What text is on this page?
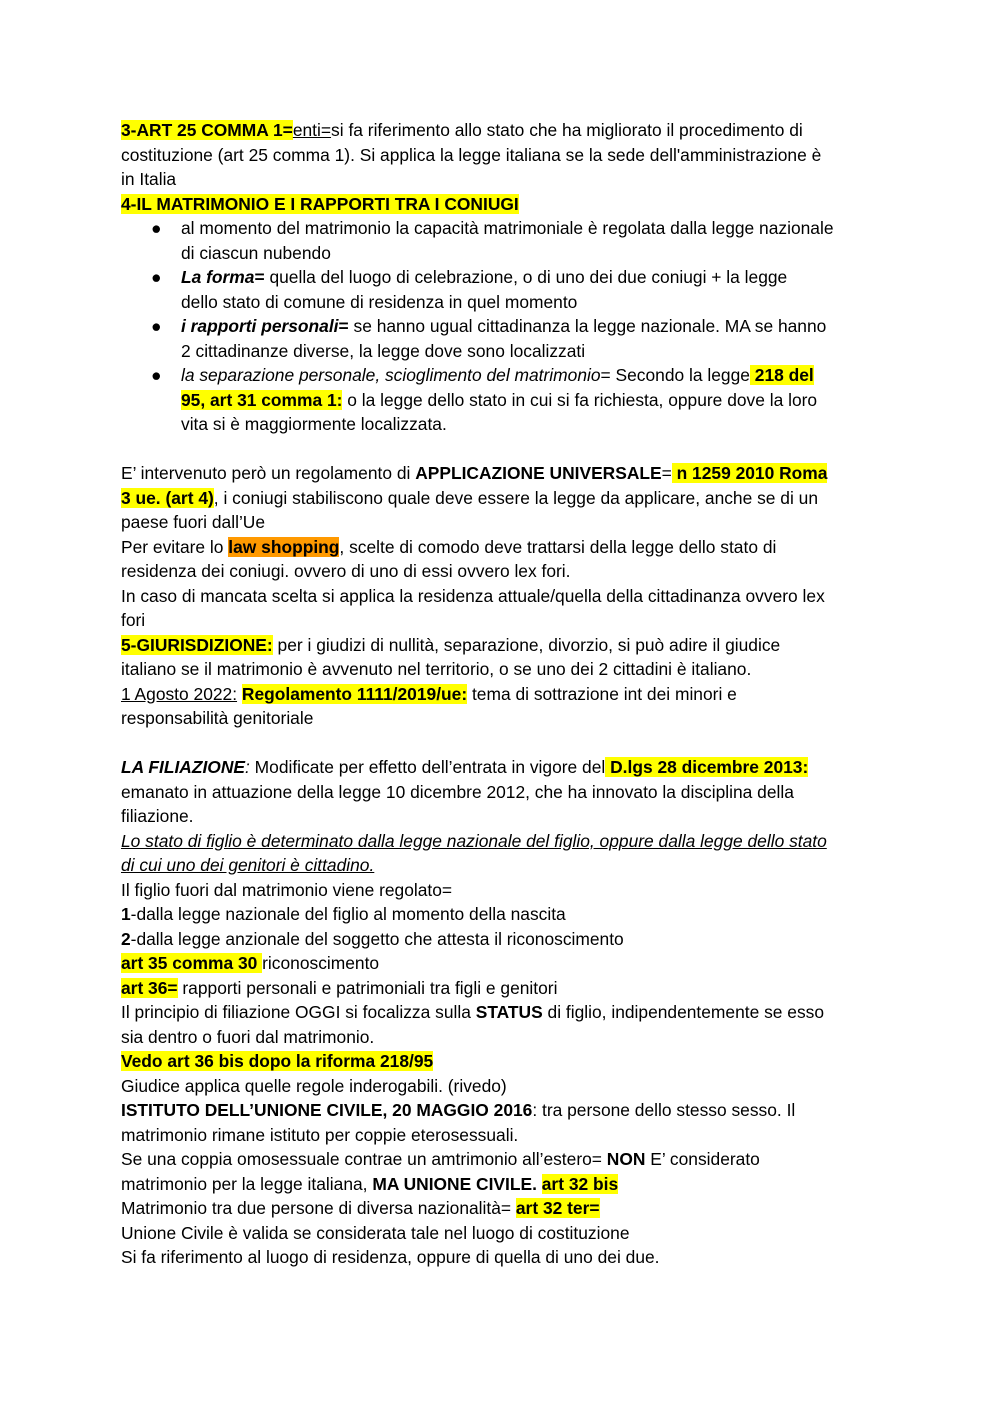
3-ART 25 COMMA 1=enti=si fa riferimento allo stato che ha migliorato il procedimento di
costituzione (art 25 comma 1). Si applica la legge italiana se la sede dell'amministrazione è
in Italia
4-IL MATRIMONIO E I RAPPORTI TRA I CONIUGI
● al momento del matrimonio la capacità matrimoniale è regolata dalla legge nazionale
di ciascun nubendo
● La forma= quella del luogo di celebrazione, o di uno dei due coniugi + la legge
dello stato di comune di residenza in quel momento
● i rapporti personali= se hanno ugual cittadinanza la legge nazionale. MA se hanno
2 cittadinanze diverse, la legge dove sono localizzati
● la separazione personale, scioglimento del matrimonio= Secondo la legge 218 del
95, art 31 comma 1: o la legge dello stato in cui si fa richiesta, oppure dove la loro
vita si è maggiormente localizzata.
E’ intervenuto però un regolamento di APPLICAZIONE UNIVERSALE= n 1259 2010 Roma
3 ue. (art 4), i coniugi stabiliscono quale deve essere la legge da applicare, anche se di un
paese fuori dall’Ue
Per evitare lo law shopping, scelte di comodo deve trattarsi della legge dello stato di
residenza dei coniugi. ovvero di uno di essi ovvero lex fori.
In caso di mancata scelta si applica la residenza attuale/quella della cittadinanza ovvero lex
fori
5-GIURISDIZIONE: per i giudizi di nullità, separazione, divorzio, si può adire il giudice
italiano se il matrimonio è avvenuto nel territorio, o se uno dei 2 cittadini è italiano.
1 Agosto 2022: Regolamento 1111/2019/ue: tema di sottrazione int dei minori e
responsabilità genitoriale
LA FILIAZIONE: Modificate per effetto dell’entrata in vigore del D.lgs 28 dicembre 2013:
emanato in attuazione della legge 10 dicembre 2012, che ha innovato la disciplina della
filiazione.
Lo stato di figlio è determinato dalla legge nazionale del figlio, oppure dalla legge dello stato
di cui uno dei genitori è cittadino.
Il figlio fuori dal matrimonio viene regolato=
1-dalla legge nazionale del figlio al momento della nascita
2-dalla legge anzionale del soggetto che attesta il riconoscimento
art 35 comma 30 riconoscimento
art 36= rapporti personali e patrimoniali tra figli e genitori
Il principio di filiazione OGGI si focalizza sulla STATUS di figlio, indipendentemente se esso
sia dentro o fuori dal matrimonio.
Vedo art 36 bis dopo la riforma 218/95
Giudice applica quelle regole inderogabili. (rivedo)
ISTITUTO DELL’UNIONE CIVILE, 20 MAGGIO 2016: tra persone dello stesso sesso. Il
matrimonio rimane istituto per coppie eterosessuali.
Se una coppia omosessuale contrae un amtrimonio all’estero= NON E’ considerato
matrimonio per la legge italiana, MA UNIONE CIVILE. art 32 bis
Matrimonio tra due persone di diversa nazionalità= art 32 ter=
Unione Civile è valida se considerata tale nel luogo di costituzione
Si fa riferimento al luogo di residenza, oppure di quella di uno dei due.
